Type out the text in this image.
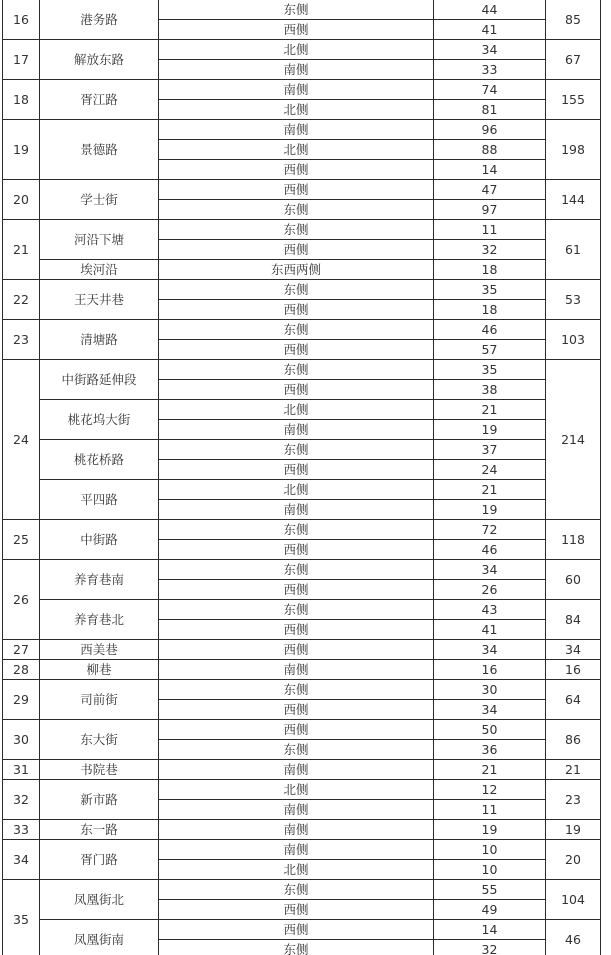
16	港务路	东侧	44	85
		西侧	41	
17	解放东路	北侧	34	67
		南侧	33	
18	胥江路	南侧	74	155
		北侧	81	
19	景德路	南侧	96	198
		北侧	88	
		西侧	14	
20	学士街	西侧	47	144
		东侧	97	
21	河沿下塘	东侧	11	61
		西侧	32	
	埃河沿	东西两侧	18	
22	王天井巷	东侧	35	53
		西侧	18	
23	清塘路	东侧	46	103
		西侧	57	
24	中街路延伸段	东侧	35	214
		西侧	38	
	桃花坞大街	北侧	21	
		南侧	19	
	桃花桥路	东侧	37	
		西侧	24	
	平四路	北侧	21	
		南侧	19	
25	中街路	东侧	72	118
		西侧	46	
26	养育巷南	东侧	34	60
		西侧	26	
	养育巷北	东侧	43	84
		西侧	41	
27	西美巷	西侧	34	34
28	柳巷	南侧	16	16
29	司前街	东侧	30	64
		西侧	34	
30	东大街	西侧	50	86
		东侧	36	
31	书院巷	南侧	21	21
32	新市路	北侧	12	23
		南侧	11	
33	东一路	南侧	19	19
34	胥门路	南侧	10	20
		北侧	10	
35	凤凰街北	东侧	55	104
		西侧	49	
	凤凰街南	西侧	14	46
		东侧	32	
